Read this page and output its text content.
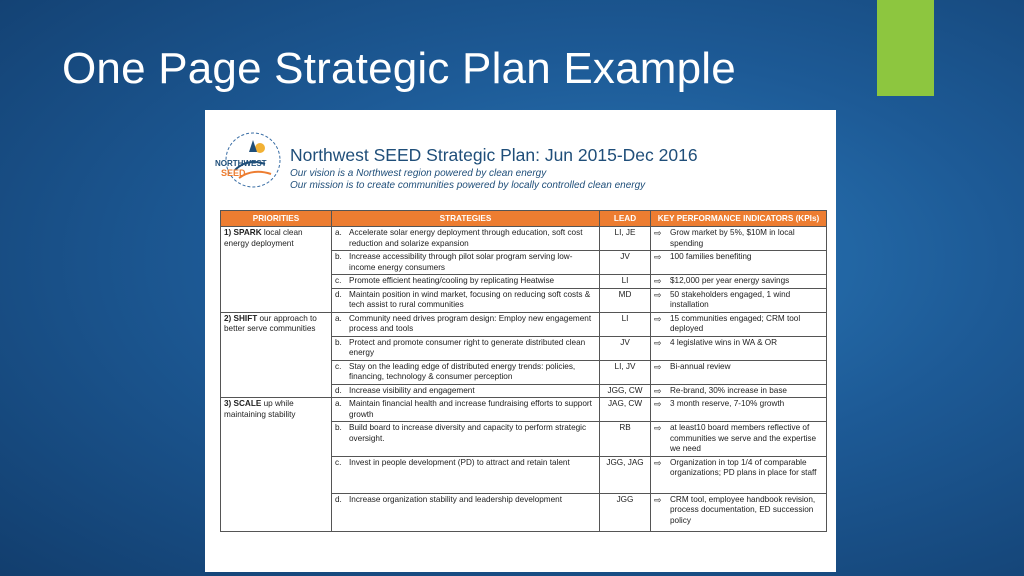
One Page Strategic Plan Example
NORTHWEST
SEED
Northwest SEED Strategic Plan: Jun 2015-Dec 2016
Our vision is a Northwest region powered by clean energy
Our mission is to create communities powered by locally controlled clean energy
PRIORITIES	STRATEGIES	LEAD	KEY PERFORMANCE INDICATORS (KPIs)
1) SPARK local clean energy deployment	a. Accelerate solar energy deployment through education, soft cost reduction and solarize expansion	LI, JE	⇨ Grow market by 5%, $10M in local spending

	b. Increase accessibility through pilot solar program serving low-income energy consumers	JV	⇨ 100 families benefiting

	c. Promote efficient heating/cooling by replicating Heatwise	LI	⇨ $12,000 per year energy savings

	d. Maintain position in wind market, focusing on reducing soft costs & tech assist to rural communities	MD	⇨ 50 stakeholders engaged, 1 wind installation

2) SHIFT our approach to better serve communities	a. Community need drives program design: Employ new engagement process and tools	LI	⇨ 15 communities engaged; CRM tool deployed

	b. Protect and promote consumer right to generate distributed clean energy	JV	⇨ 4 legislative wins in WA & OR

	c. Stay on the leading edge of distributed energy trends: policies, financing, technology & consumer perception	LI, JV	⇨ Bi-annual review

	d. Increase visibility and engagement	JGG, CW	⇨ Re-brand, 30% increase in base

3) SCALE up while maintaining stability	a. Maintain financial health and increase fundraising efforts to support growth	JAG, CW	⇨ 3 month reserve, 7-10% growth

	b. Build board to increase diversity and capacity to perform strategic oversight.	RB	⇨ at least10 board members reflective of communities we serve and the expertise we need

	c. Invest in people development (PD) to attract and retain talent	JGG, JAG	⇨ Organization in top 1/4 of comparable organizations; PD plans in place for staff

	d. Increase organization stability and leadership development	JGG	⇨ CRM tool, employee handbook revision, process documentation, ED succession policy
